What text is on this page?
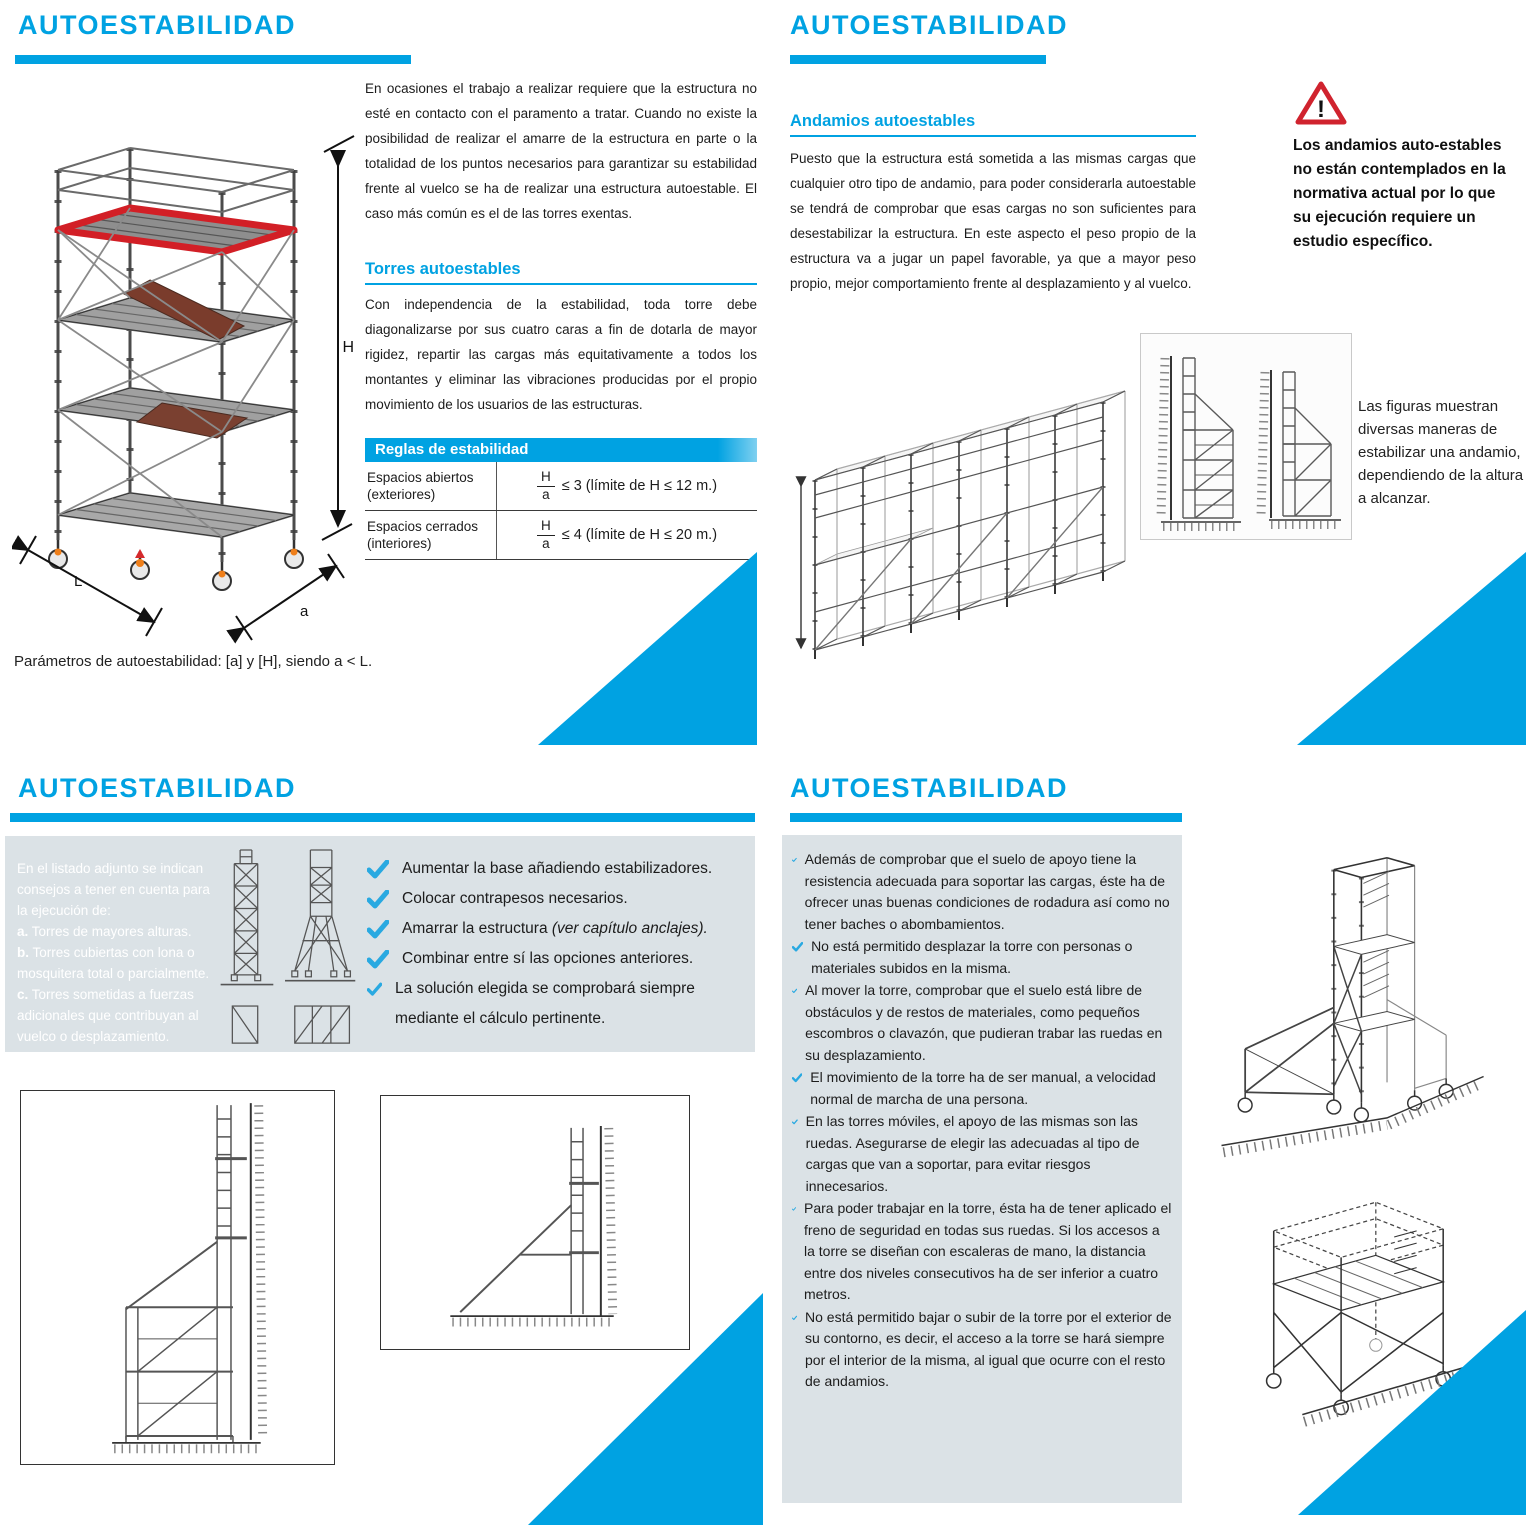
AUTOESTABILIDAD
H
L
a
Parámetros de autoestabilidad: [a] y [H], siendo a < L.
En ocasiones el trabajo a realizar requiere que la estructura no esté en contacto con el paramento a tratar. Cuando no existe la posibilidad de realizar el amarre de la estructura en parte o la totalidad de los puntos necesarios para garantizar su estabilidad frente al vuelco se ha de realizar una estructura autoestable. El caso más común es el de las torres exentas.
Torres autoestables
Con independencia de la estabilidad, toda torre debe diagonalizarse por sus cuatro caras a fin de dotarla de mayor rigidez, repartir las cargas más equitativamente a todos los montantes y eliminar las vibraciones producidas por el propio movimiento de los usuarios de las estructuras.
Reglas de estabilidad
Espacios abiertos (exteriores)	$\frac{H}{a} \le 3$ (límite de H ≤ 12 m.)
Espacios cerrados (interiores)	$\frac{H}{a} \le 4$ (límite de H ≤ 20 m.)
AUTOESTABILIDAD
Andamios autoestables
Puesto que la estructura está sometida a las mismas cargas que cualquier otro tipo de andamio, para poder considerarla autoestable se tendrá de comprobar que esas cargas no son suficientes para desestabilizar la estructura. En este aspecto el peso propio de la estructura va a jugar un papel favorable, ya que a mayor peso propio, mejor comportamiento frente al desplazamiento y al vuelco.
!
Los andamios auto-estables no están contemplados en la normativa actual por lo que su ejecución requiere un estudio específico.
Las figuras muestran diversas maneras de estabilizar una andamio, dependiendo de la altura a alcanzar.
AUTOESTABILIDAD
En el listado adjunto se indican consejos a tener en cuenta para la ejecución de:
a. Torres de mayores alturas.
b. Torres cubiertas con lona o mosquitera total o parcialmente.
c. Torres sometidas a fuerzas adicionales que contribuyan al vuelco o desplazamiento.
Aumentar la base añadiendo estabilizadores.
Colocar contrapesos necesarios.
Amarrar la estructura (ver capítulo anclajes).
Combinar entre sí las opciones anteriores.
La solución elegida se comprobará siempre mediante el cálculo pertinente.
AUTOESTABILIDAD
Además de comprobar que el suelo de apoyo tiene la resistencia adecuada para soportar las cargas, éste ha de ofrecer unas buenas condiciones de rodadura así como no tener baches o abombamientos.
No está permitido desplazar la torre con personas o materiales subidos en la misma.
Al mover la torre, comprobar que el suelo está libre de obstáculos y de restos de materiales, como pequeños escombros o clavazón, que pudieran trabar las ruedas en su desplazamiento.
El movimiento de la torre ha de ser manual, a velocidad normal de marcha de una persona.
En las torres móviles, el apoyo de las mismas son las ruedas. Asegurarse de elegir las adecuadas al tipo de cargas que van a soportar, para evitar riesgos innecesarios.
Para poder trabajar en la torre, ésta ha de tener aplicado el freno de seguridad en todas sus ruedas. Si los accesos a la torre se diseñan con escaleras de mano, la distancia entre dos niveles consecutivos ha de ser inferior a cuatro metros.
No está permitido bajar o subir de la torre por el exterior de su contorno, es decir, el acceso a la torre se hará siempre por el interior de la misma, al igual que ocurre con el resto de andamios.
